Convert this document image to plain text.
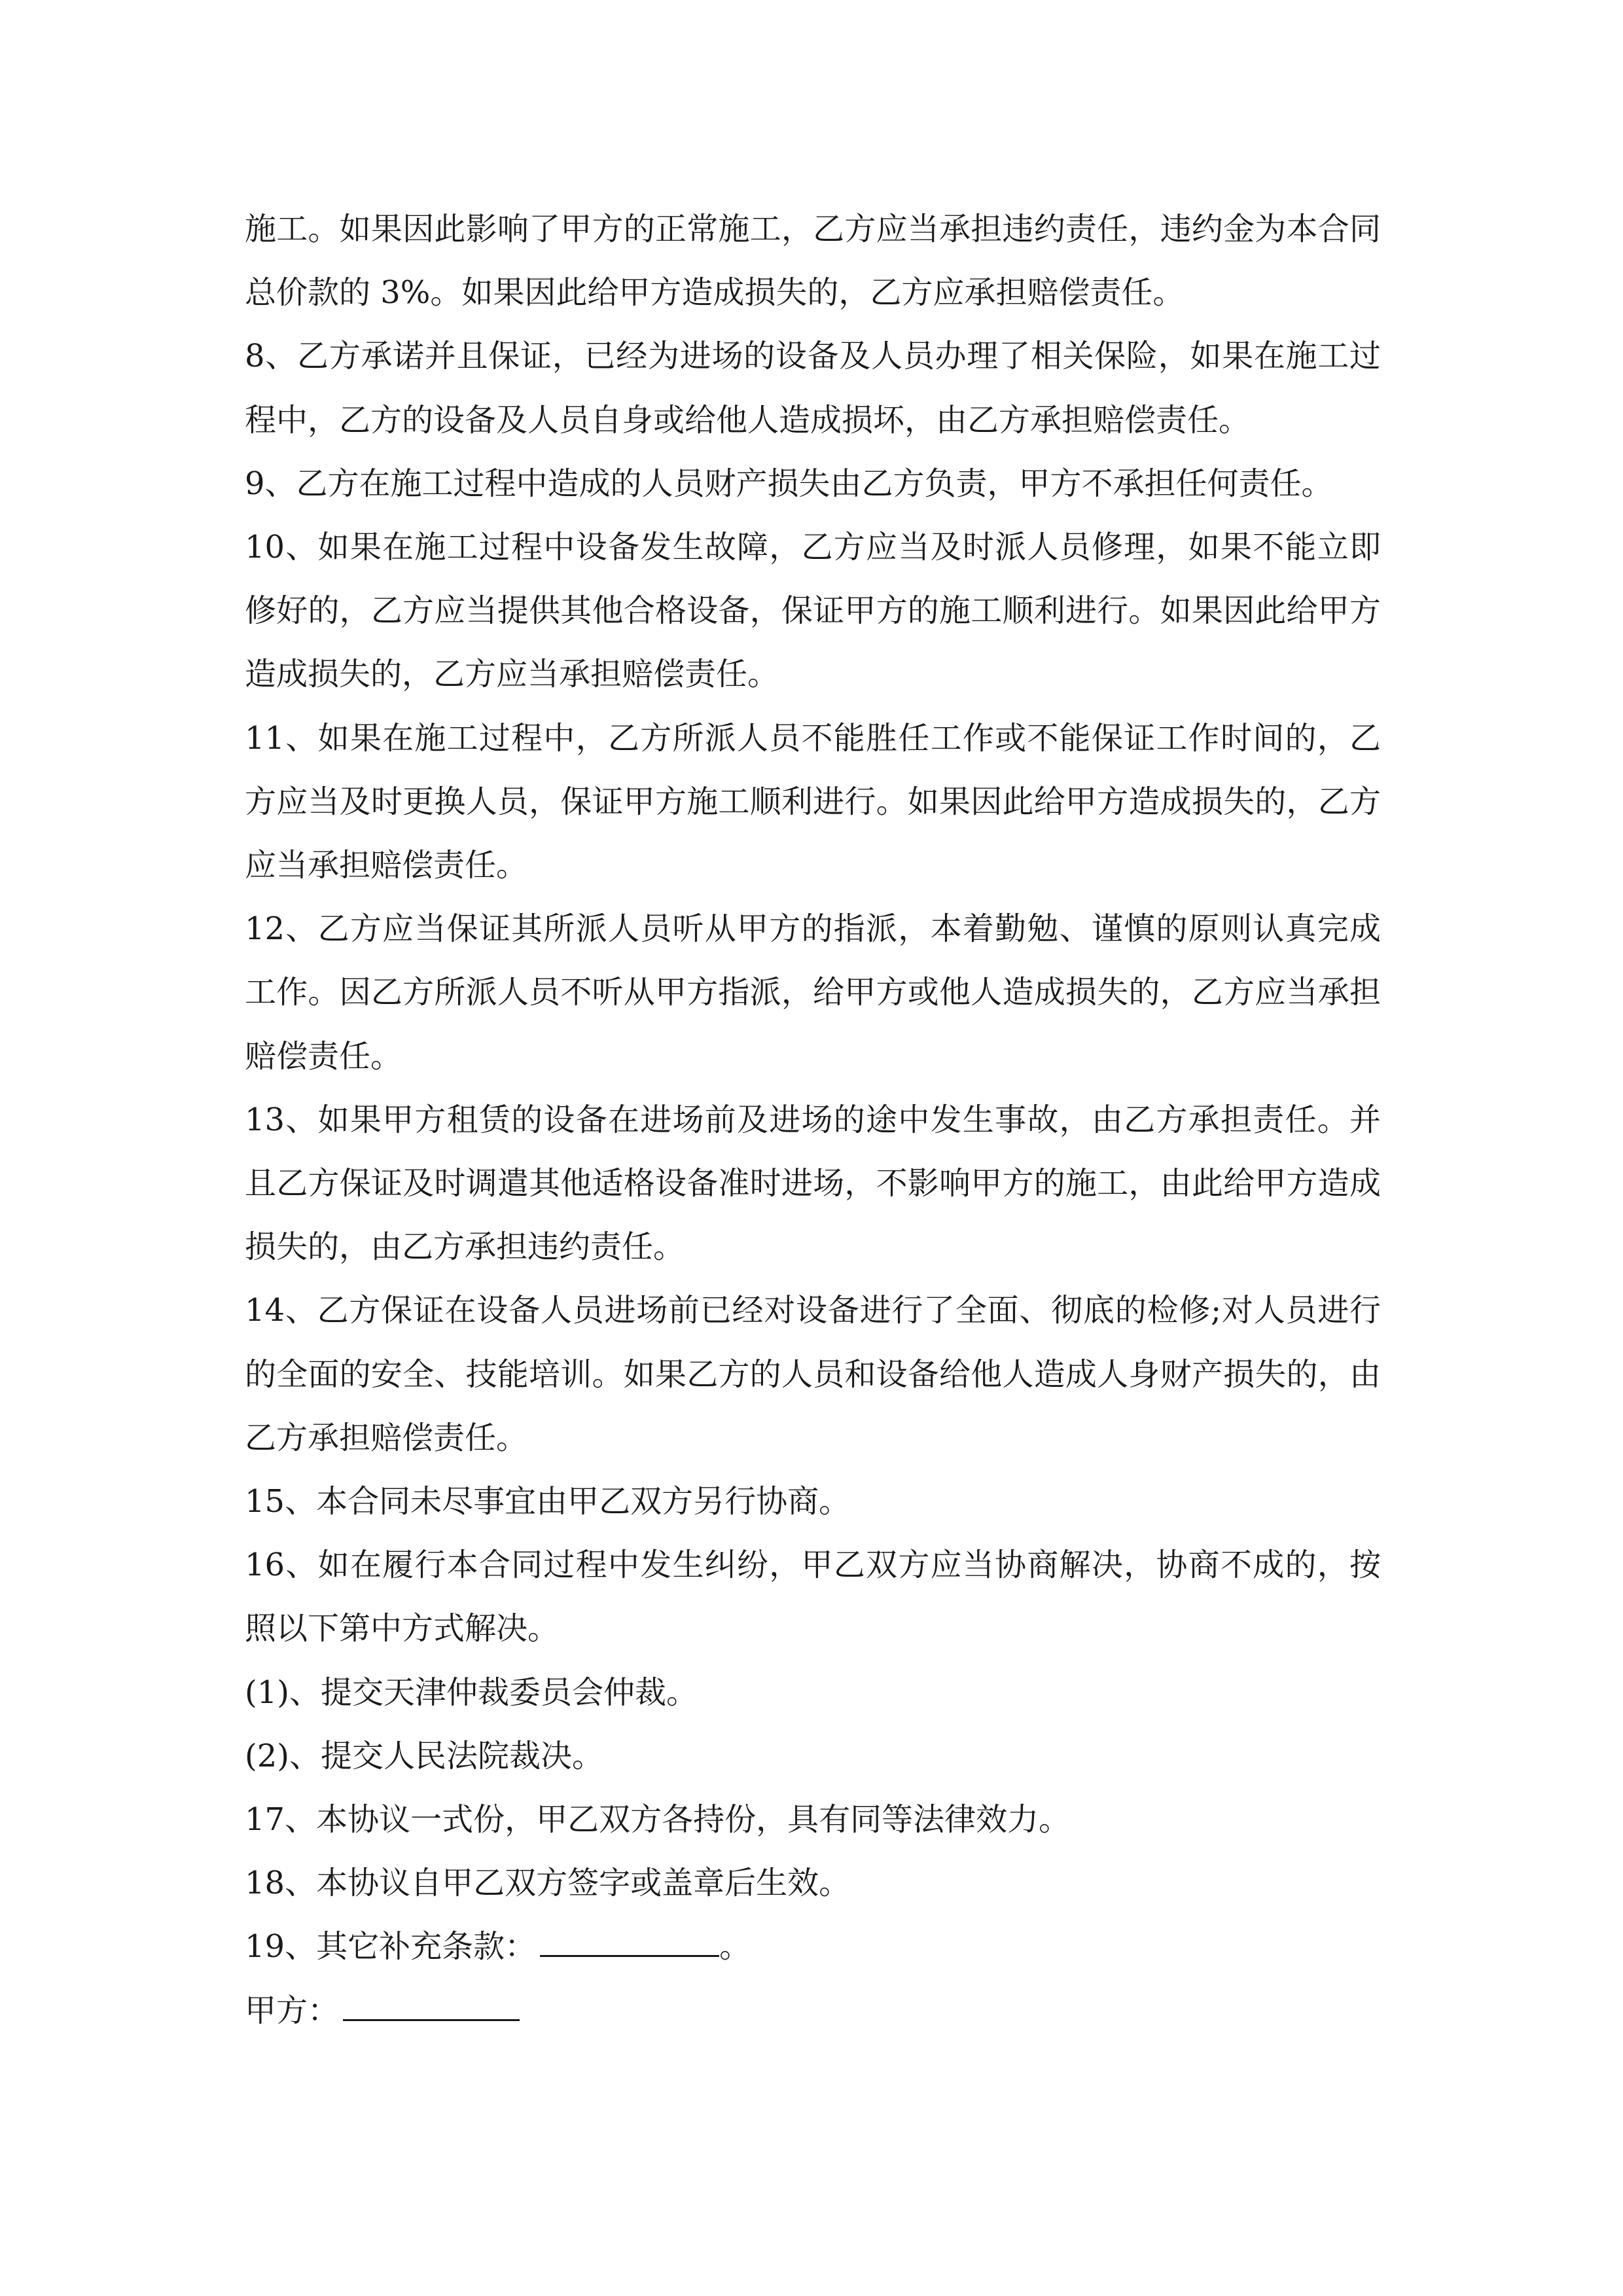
施工。如果因此影响了甲方的正常施工，乙方应当承担违约责任，违约金为本合同总价款的 3%。如果因此给甲方造成损失的，乙方应承担赔偿责任。

8、乙方承诺并且保证，已经为进场的设备及人员办理了相关保险，如果在施工过程中，乙方的设备及人员自身或给他人造成损坏，由乙方承担赔偿责任。

9、乙方在施工过程中造成的人员财产损失由乙方负责，甲方不承担任何责任。

10、如果在施工过程中设备发生故障，乙方应当及时派人员修理，如果不能立即修好的，乙方应当提供其他合格设备，保证甲方的施工顺利进行。如果因此给甲方造成损失的，乙方应当承担赔偿责任。

11、如果在施工过程中，乙方所派人员不能胜任工作或不能保证工作时间的，乙方应当及时更换人员，保证甲方施工顺利进行。如果因此给甲方造成损失的，乙方应当承担赔偿责任。

12、乙方应当保证其所派人员听从甲方的指派，本着勤勉、谨慎的原则认真完成工作。因乙方所派人员不听从甲方指派，给甲方或他人造成损失的，乙方应当承担赔偿责任。

13、如果甲方租赁的设备在进场前及进场的途中发生事故，由乙方承担责任。并且乙方保证及时调遣其他适格设备准时进场，不影响甲方的施工，由此给甲方造成损失的，由乙方承担违约责任。

14、乙方保证在设备人员进场前已经对设备进行了全面、彻底的检修;对人员进行的全面的安全、技能培训。如果乙方的人员和设备给他人造成人身财产损失的，由乙方承担赔偿责任。

15、本合同未尽事宜由甲乙双方另行协商。

16、如在履行本合同过程中发生纠纷，甲乙双方应当协商解决，协商不成的，按照以下第中方式解决。

(1)、提交天津仲裁委员会仲裁。

(2)、提交人民法院裁决。

17、本协议一式份，甲乙双方各持份，具有同等法律效力。

18、本协议自甲乙双方签字或盖章后生效。

19、其它补充条款：	。

甲方：
